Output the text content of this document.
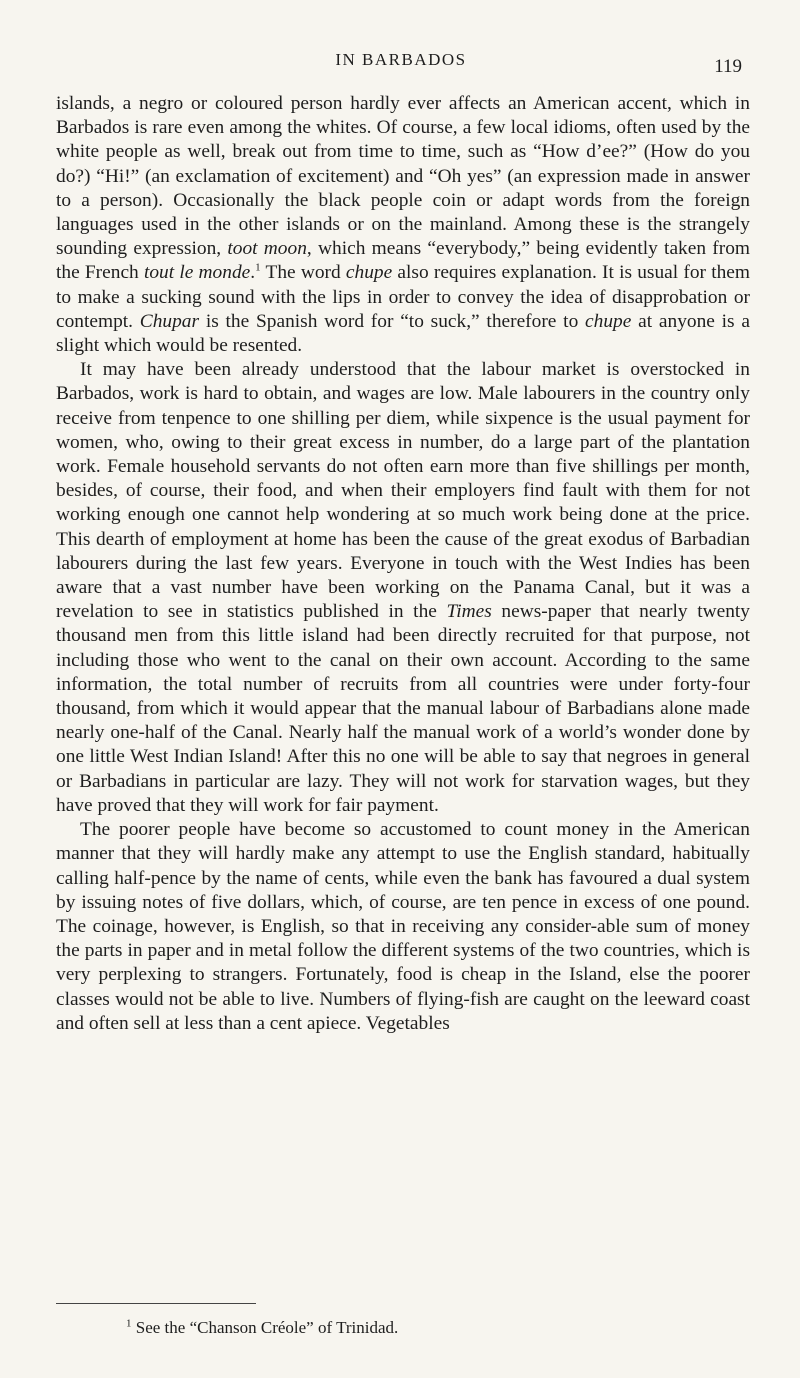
IN BARBADOS	119

islands, a negro or coloured person hardly ever affects an American accent, which in Barbados is rare even among the whites. Of course, a few local idioms, often used by the white people as well, break out from time to time, such as “How d’ee?” (How do you do?) “Hi!” (an exclamation of excitement) and “Oh yes” (an expression made in answer to a person). Occasionally the black people coin or adapt words from the foreign languages used in the other islands or on the mainland. Among these is the strangely sounding expression, toot moon, which means “everybody,” being evidently taken from the French tout le monde.$^1$ The word chupe also requires explanation. It is usual for them to make a sucking sound with the lips in order to convey the idea of disapprobation or contempt. Chupar is the Spanish word for “to suck,” therefore to chupe at anyone is a slight which would be resented.

It may have been already understood that the labour market is overstocked in Barbados, work is hard to obtain, and wages are low. Male labourers in the country only receive from tenpence to one shilling per diem, while sixpence is the usual payment for women, who, owing to their great excess in number, do a large part of the plantation work. Female household servants do not often earn more than five shillings per month, besides, of course, their food, and when their employers find fault with them for not working enough one cannot help wondering at so much work being done at the price. This dearth of employment at home has been the cause of the great exodus of Barbadian labourers during the last few years. Everyone in touch with the West Indies has been aware that a vast number have been working on the Panama Canal, but it was a revelation to see in statistics published in the Times news-paper that nearly twenty thousand men from this little island had been directly recruited for that purpose, not including those who went to the canal on their own account. According to the same information, the total number of recruits from all countries were under forty-four thousand, from which it would appear that the manual labour of Barbadians alone made nearly one-half of the Canal. Nearly half the manual work of a world’s wonder done by one little West Indian Island! After this no one will be able to say that negroes in general or Barbadians in particular are lazy. They will not work for starvation wages, but they have proved that they will work for fair payment.

The poorer people have become so accustomed to count money in the American manner that they will hardly make any attempt to use the English standard, habitually calling half-pence by the name of cents, while even the bank has favoured a dual system by issuing notes of five dollars, which, of course, are ten pence in excess of one pound. The coinage, however, is English, so that in receiving any consider-able sum of money the parts in paper and in metal follow the different systems of the two countries, which is very perplexing to strangers. Fortunately, food is cheap in the Island, else the poorer classes would not be able to live. Numbers of flying-fish are caught on the leeward coast and often sell at less than a cent apiece. Vegetables

$^1$ See the “Chanson Créole” of Trinidad.
